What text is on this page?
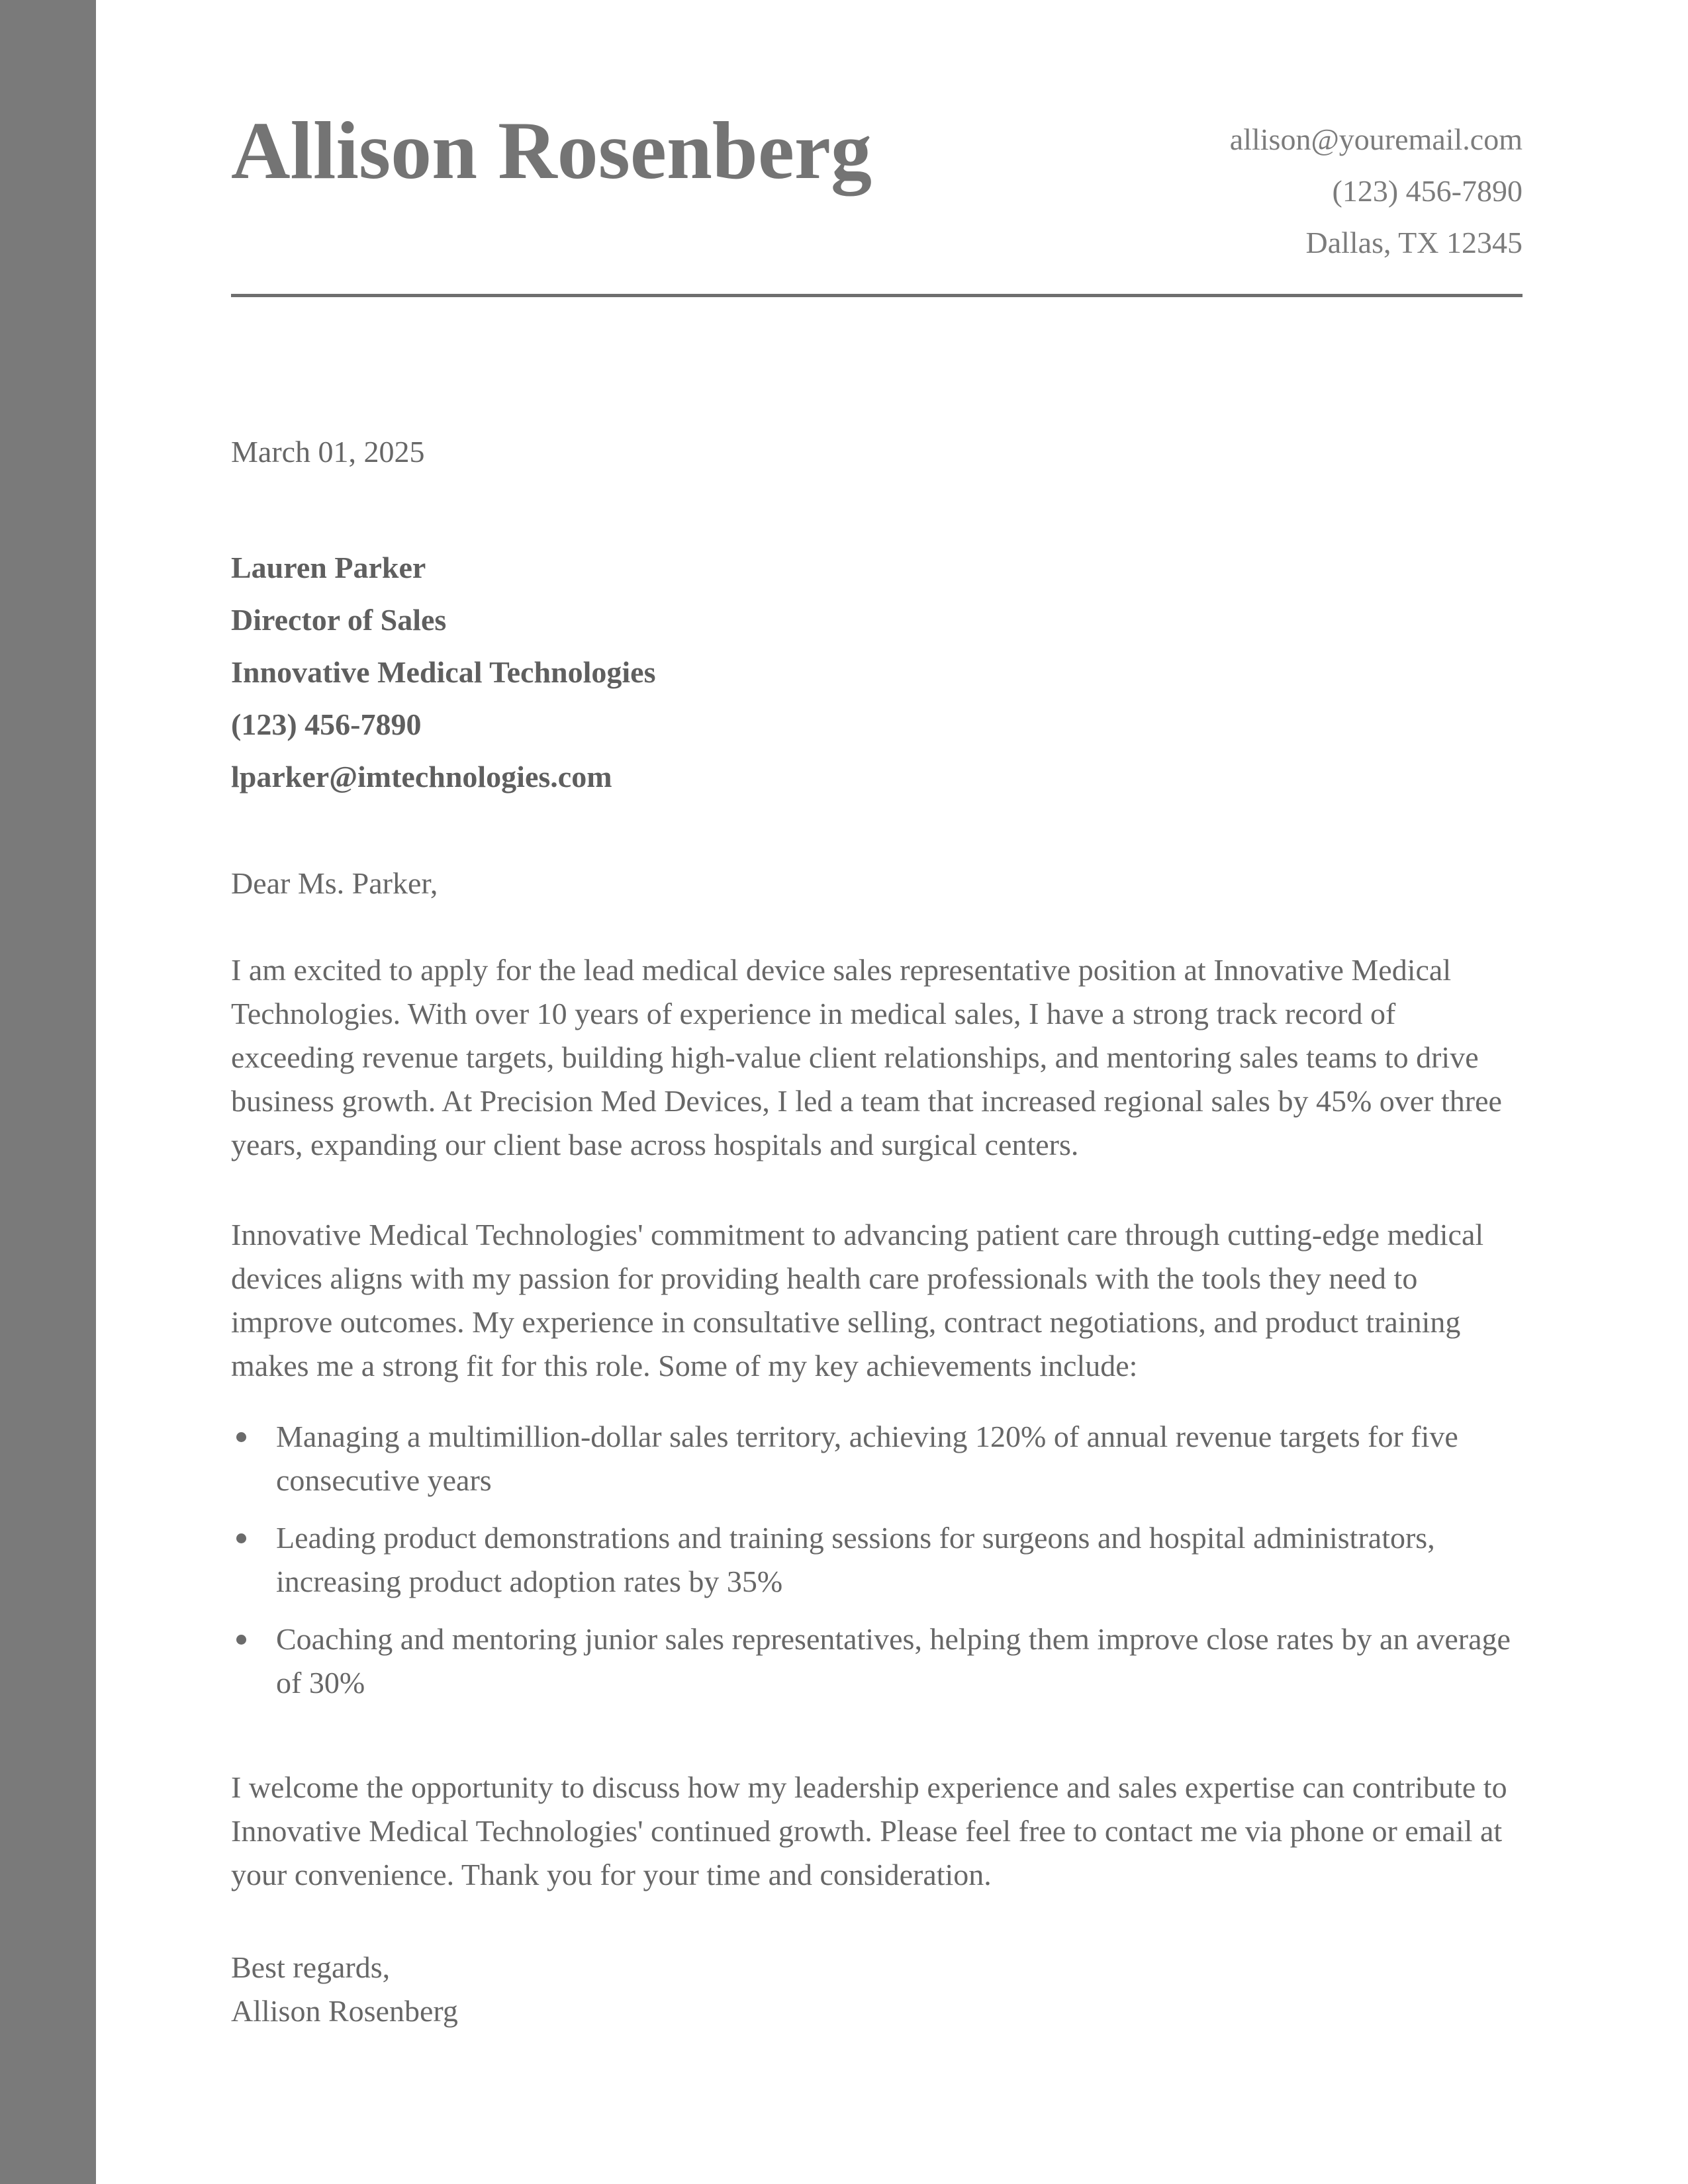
Allison Rosenberg	allison@youremail.com
(123) 456-7890
Dallas, TX 12345

March 01, 2025

Lauren Parker
Director of Sales
Innovative Medical Technologies
(123) 456-7890
lparker@imtechnologies.com

Dear Ms. Parker,

I am excited to apply for the lead medical device sales representative position at Innovative Medical Technologies. With over 10 years of experience in medical sales, I have a strong track record of exceeding revenue targets, building high-value client relationships, and mentoring sales teams to drive business growth. At Precision Med Devices, I led a team that increased regional sales by 45% over three years, expanding our client base across hospitals and surgical centers.

Innovative Medical Technologies' commitment to advancing patient care through cutting-edge medical devices aligns with my passion for providing health care professionals with the tools they need to improve outcomes. My experience in consultative selling, contract negotiations, and product training makes me a strong fit for this role. Some of my key achievements include:

Managing a multimillion-dollar sales territory, achieving 120% of annual revenue targets for five consecutive years
Leading product demonstrations and training sessions for surgeons and hospital administrators, increasing product adoption rates by 35%
Coaching and mentoring junior sales representatives, helping them improve close rates by an average of 30%

I welcome the opportunity to discuss how my leadership experience and sales expertise can contribute to Innovative Medical Technologies' continued growth. Please feel free to contact me via phone or email at your convenience. Thank you for your time and consideration.

Best regards,

Allison Rosenberg
